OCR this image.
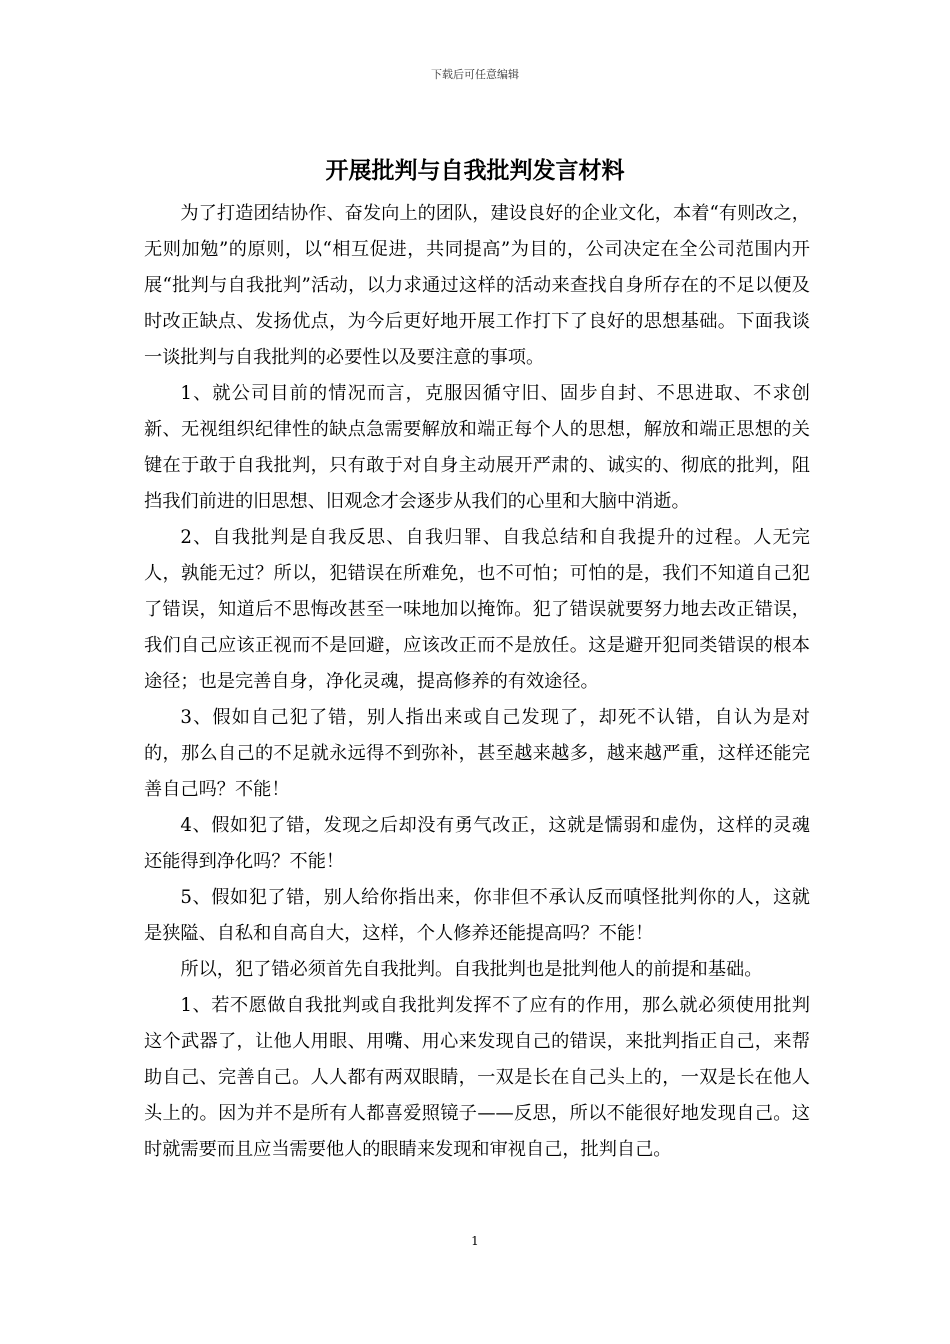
下载后可任意编辑
开展批判与自我批判发言材料

为了打造团结协作、奋发向上的团队，建设良好的企业文化，本着“有则改之，无则加勉”的原则，以“相互促进，共同提高”为目的，公司决定在全公司范围内开展“批判与自我批判”活动，以力求通过这样的活动来查找自身所存在的不足以便及时改正缺点、发扬优点，为今后更好地开展工作打下了良好的思想基础。下面我谈一谈批判与自我批判的必要性以及要注意的事项。

1、就公司目前的情况而言，克服因循守旧、固步自封、不思进取、不求创新、无视组织纪律性的缺点急需要解放和端正每个人的思想，解放和端正思想的关键在于敢于自我批判，只有敢于对自身主动展开严肃的、诚实的、彻底的批判，阻挡我们前进的旧思想、旧观念才会逐步从我们的心里和大脑中消逝。

2、自我批判是自我反思、自我归罪、自我总结和自我提升的过程。人无完人，孰能无过？所以，犯错误在所难免，也不可怕；可怕的是，我们不知道自己犯了错误，知道后不思悔改甚至一味地加以掩饰。犯了错误就要努力地去改正错误，我们自己应该正视而不是回避，应该改正而不是放任。这是避开犯同类错误的根本途径；也是完善自身，净化灵魂，提高修养的有效途径。

3、假如自己犯了错，别人指出来或自己发现了，却死不认错，自认为是对的，那么自己的不足就永远得不到弥补，甚至越来越多，越来越严重，这样还能完善自己吗？不能！

4、假如犯了错，发现之后却没有勇气改正，这就是懦弱和虚伪，这样的灵魂还能得到净化吗？不能！

5、假如犯了错，别人给你指出来，你非但不承认反而嗔怪批判你的人，这就是狭隘、自私和自高自大，这样，个人修养还能提高吗？不能！

所以，犯了错必须首先自我批判。自我批判也是批判他人的前提和基础。

1、若不愿做自我批判或自我批判发挥不了应有的作用，那么就必须使用批判这个武器了，让他人用眼、用嘴、用心来发现自己的错误，来批判指正自己，来帮助自己、完善自己。人人都有两双眼睛，一双是长在自己头上的，一双是长在他人头上的。因为并不是所有人都喜爱照镜子——反思，所以不能很好地发现自己。这时就需要而且应当需要他人的眼睛来发现和审视自己，批判自己。

1
